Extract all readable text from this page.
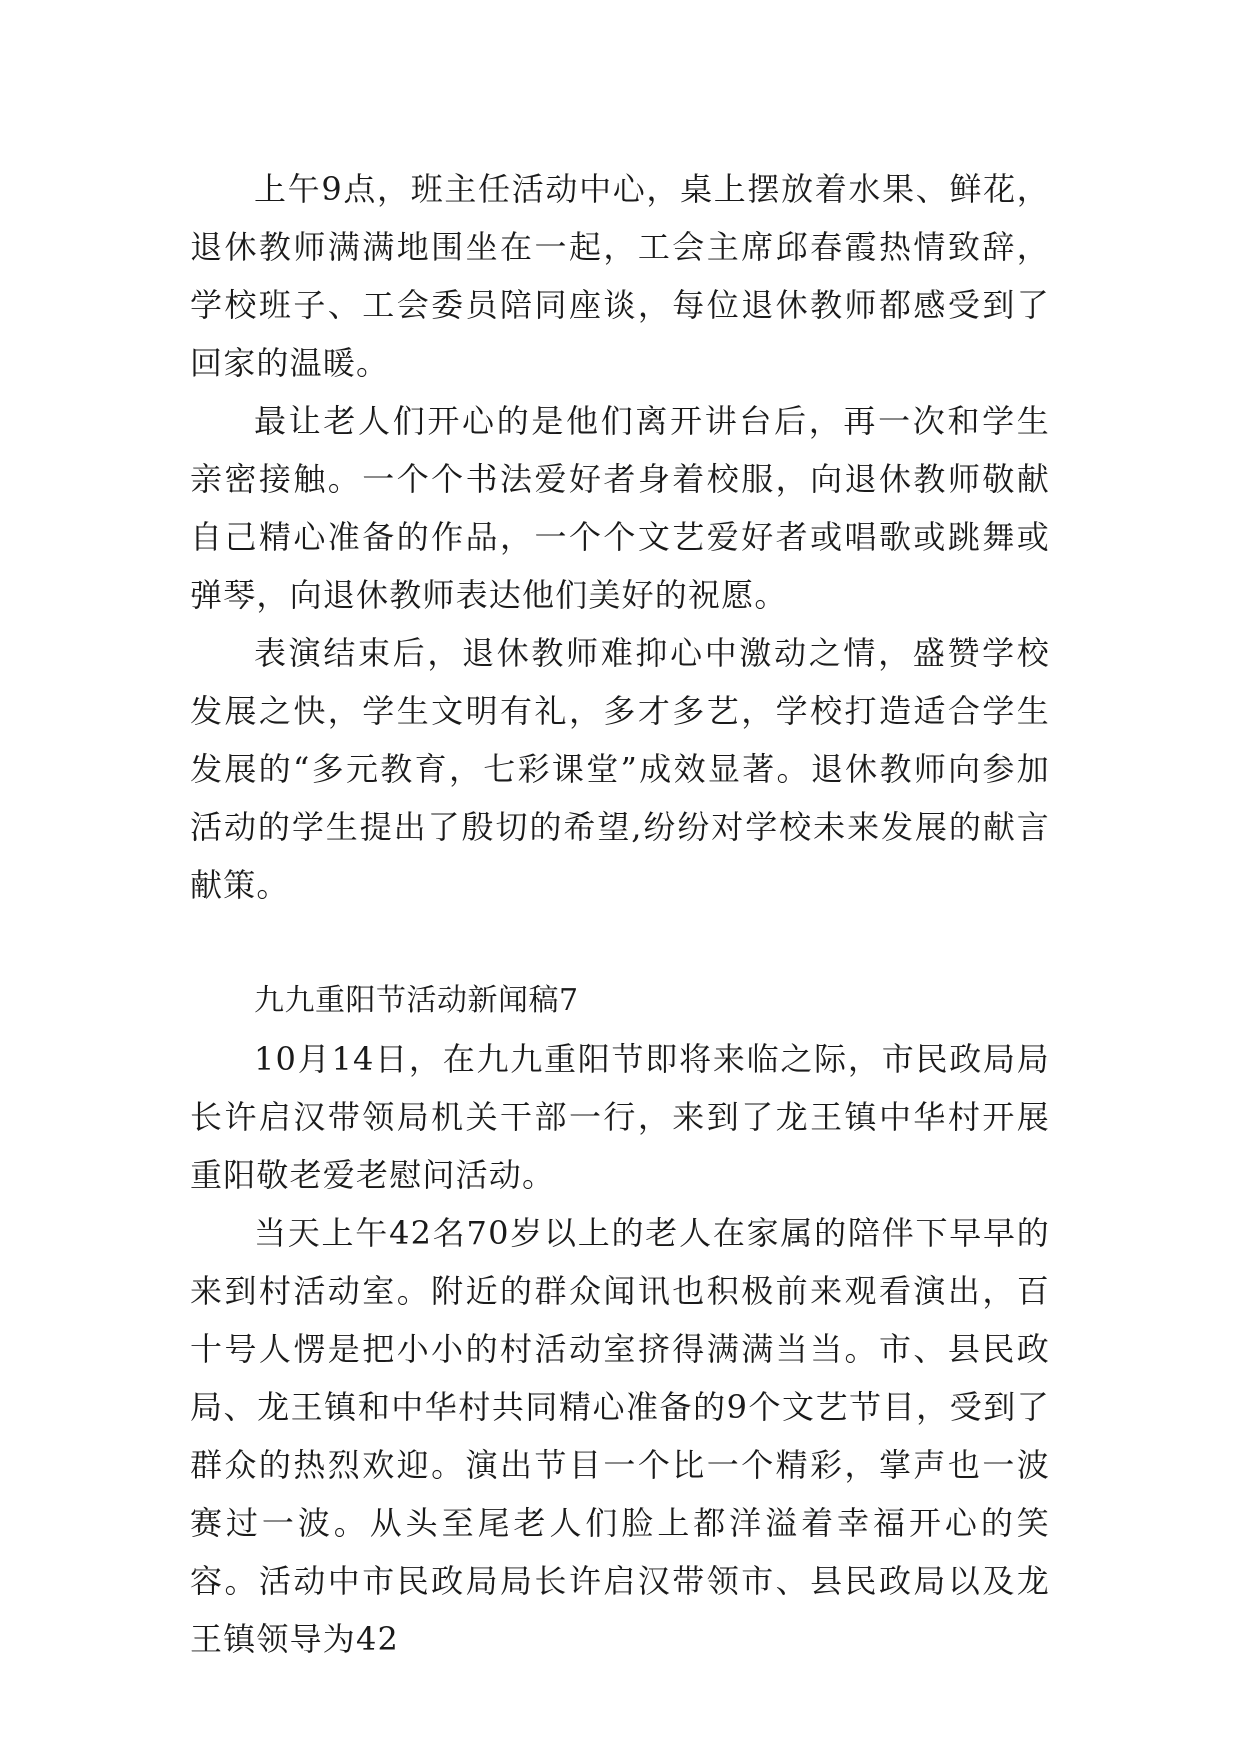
上午9点，班主任活动中心，桌上摆放着水果、鲜花，退休教师满满地围坐在一起，工会主席邱春霞热情致辞，学校班子、工会委员陪同座谈，每位退休教师都感受到了回家的温暖。

最让老人们开心的是他们离开讲台后，再一次和学生亲密接触。一个个书法爱好者身着校服，向退休教师敬献自己精心准备的作品，一个个文艺爱好者或唱歌或跳舞或弹琴，向退休教师表达他们美好的祝愿。

表演结束后，退休教师难抑心中激动之情，盛赞学校发展之快，学生文明有礼，多才多艺，学校打造适合学生发展的“多元教育，七彩课堂”成效显著。退休教师向参加活动的学生提出了殷切的希望,纷纷对学校未来发展的献言献策。

九九重阳节活动新闻稿7

10月14日，在九九重阳节即将来临之际，市民政局局长许启汉带领局机关干部一行，来到了龙王镇中华村开展重阳敬老爱老慰问活动。

当天上午42名70岁以上的老人在家属的陪伴下早早的来到村活动室。附近的群众闻讯也积极前来观看演出，百十号人愣是把小小的村活动室挤得满满当当。市、县民政局、龙王镇和中华村共同精心准备的9个文艺节目，受到了群众的热烈欢迎。演出节目一个比一个精彩，掌声也一波赛过一波。从头至尾老人们脸上都洋溢着幸福开心的笑容。活动中市民政局局长许启汉带领市、县民政局以及龙王镇领导为42
